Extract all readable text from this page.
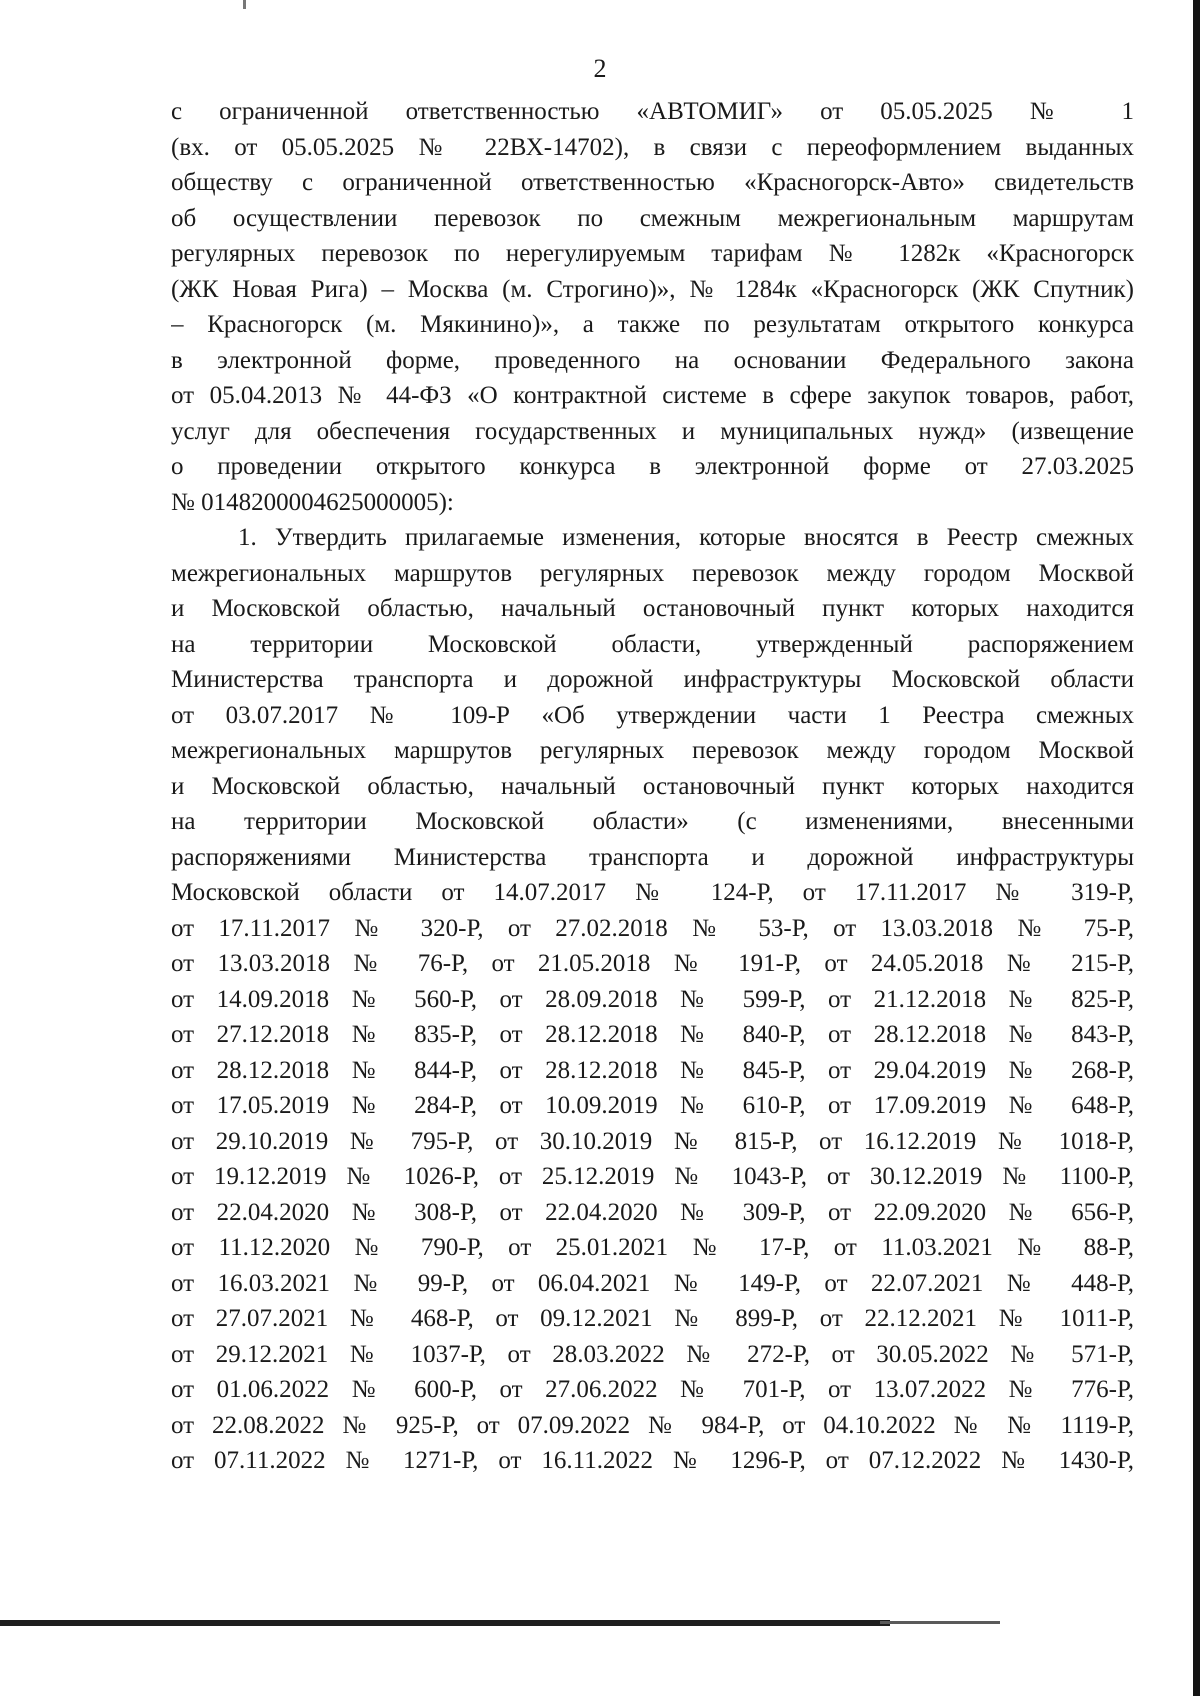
2
с ограниченной ответственностью «АВТОМИГ» от 05.05.2025 № 1
(вх. от 05.05.2025 № 22ВХ-14702), в связи с переоформлением выданных
обществу с ограниченной ответственностью «Красногорск-Авто» свидетельств
об осуществлении перевозок по смежным межрегиональным маршрутам
регулярных перевозок по нерегулируемым тарифам № 1282к «Красногорск
(ЖК Новая Рига) – Москва (м. Строгино)», № 1284к «Красногорск (ЖК Спутник)
– Красногорск (м. Мякинино)», а также по результатам открытого конкурса
в электронной форме, проведенного на основании Федерального закона
от 05.04.2013 № 44-ФЗ «О контрактной системе в сфере закупок товаров, работ,
услуг для обеспечения государственных и муниципальных нужд» (извещение
о проведении открытого конкурса в электронной форме от 27.03.2025
№ 0148200004625000005):
1. Утвердить прилагаемые изменения, которые вносятся в Реестр смежных
межрегиональных маршрутов регулярных перевозок между городом Москвой
и Московской областью, начальный остановочный пункт которых находится
на территории Московской области, утвержденный распоряжением
Министерства транспорта и дорожной инфраструктуры Московской области
от 03.07.2017 № 109-Р «Об утверждении части 1 Реестра смежных
межрегиональных маршрутов регулярных перевозок между городом Москвой
и Московской областью, начальный остановочный пункт которых находится
на территории Московской области» (с изменениями, внесенными
распоряжениями Министерства транспорта и дорожной инфраструктуры
Московской области от 14.07.2017 № 124-Р, от 17.11.2017 № 319-Р,
от 17.11.2017 № 320-Р, от 27.02.2018 № 53-Р, от 13.03.2018 № 75-Р,
от 13.03.2018 № 76-Р, от 21.05.2018 № 191-Р, от 24.05.2018 № 215-Р,
от 14.09.2018 № 560-Р, от 28.09.2018 № 599-Р, от 21.12.2018 № 825-Р,
от 27.12.2018 № 835-Р, от 28.12.2018 № 840-Р, от 28.12.2018 № 843-Р,
от 28.12.2018 № 844-Р, от 28.12.2018 № 845-Р, от 29.04.2019 № 268-Р,
от 17.05.2019 № 284-Р, от 10.09.2019 № 610-Р, от 17.09.2019 № 648-Р,
от 29.10.2019 № 795-Р, от 30.10.2019 № 815-Р, от 16.12.2019 № 1018-Р,
от 19.12.2019 № 1026-Р, от 25.12.2019 № 1043-Р, от 30.12.2019 № 1100-Р,
от 22.04.2020 № 308-Р, от 22.04.2020 № 309-Р, от 22.09.2020 № 656-Р,
от 11.12.2020 № 790-Р, от 25.01.2021 № 17-Р, от 11.03.2021 № 88-Р,
от 16.03.2021 № 99-Р, от 06.04.2021 № 149-Р, от 22.07.2021 № 448-Р,
от 27.07.2021 № 468-Р, от 09.12.2021 № 899-Р, от 22.12.2021 № 1011-Р,
от 29.12.2021 № 1037-Р, от 28.03.2022 № 272-Р, от 30.05.2022 № 571-Р,
от 01.06.2022 № 600-Р, от 27.06.2022 № 701-Р, от 13.07.2022 № 776-Р,
от 22.08.2022 № 925-Р, от 07.09.2022 № 984-Р, от 04.10.2022 № № 1119-Р,
от 07.11.2022 № 1271-Р, от 16.11.2022 № 1296-Р, от 07.12.2022 № 1430-Р,
